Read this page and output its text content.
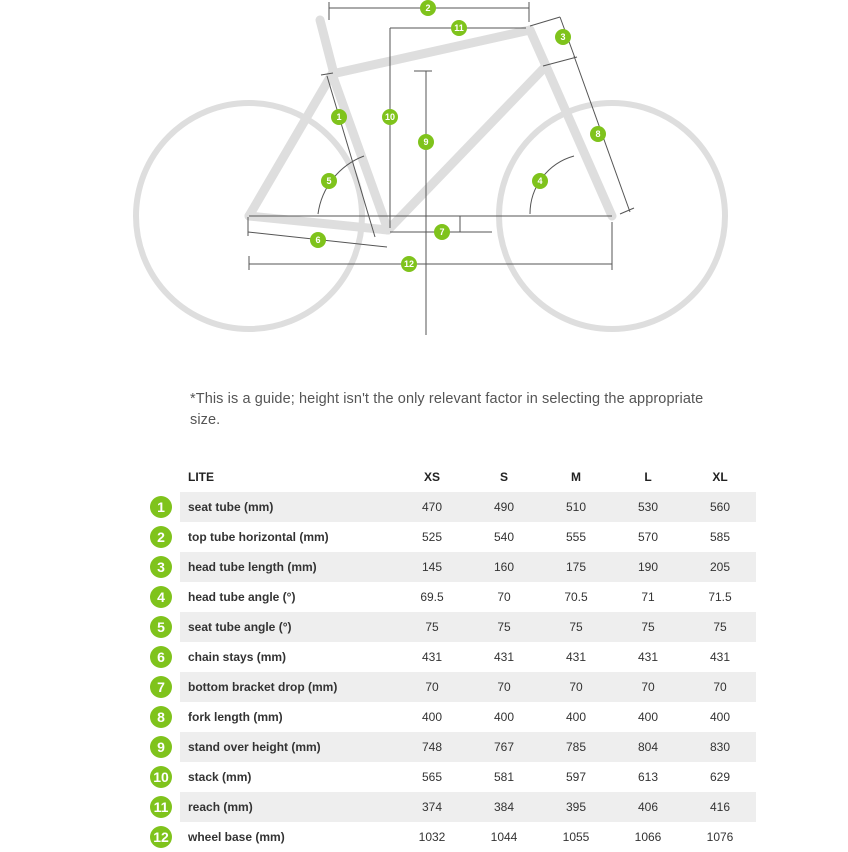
2
11
3
1	10
9
8
5	4
7
6
12
*This is a guide; height isn't the only relevant factor in selecting the appropriate size.
	LITE	XS	S	M	L	XL

1	seat tube (mm)	470	490	510	530	560

2	top tube horizontal (mm)	525	540	555	570	585

3	head tube length (mm)	145	160	175	190	205

4	head tube angle (°)	69.5	70	70.5	71	71.5

5	seat tube angle (°)	75	75	75	75	75

6	chain stays (mm)	431	431	431	431	431

7	bottom bracket drop (mm)	70	70	70	70	70

8	fork length (mm)	400	400	400	400	400

9	stand over height (mm)	748	767	785	804	830

10	stack (mm)	565	581	597	613	629

11	reach (mm)	374	384	395	406	416

12	wheel base (mm)	1032	1044	1055	1066	1076
